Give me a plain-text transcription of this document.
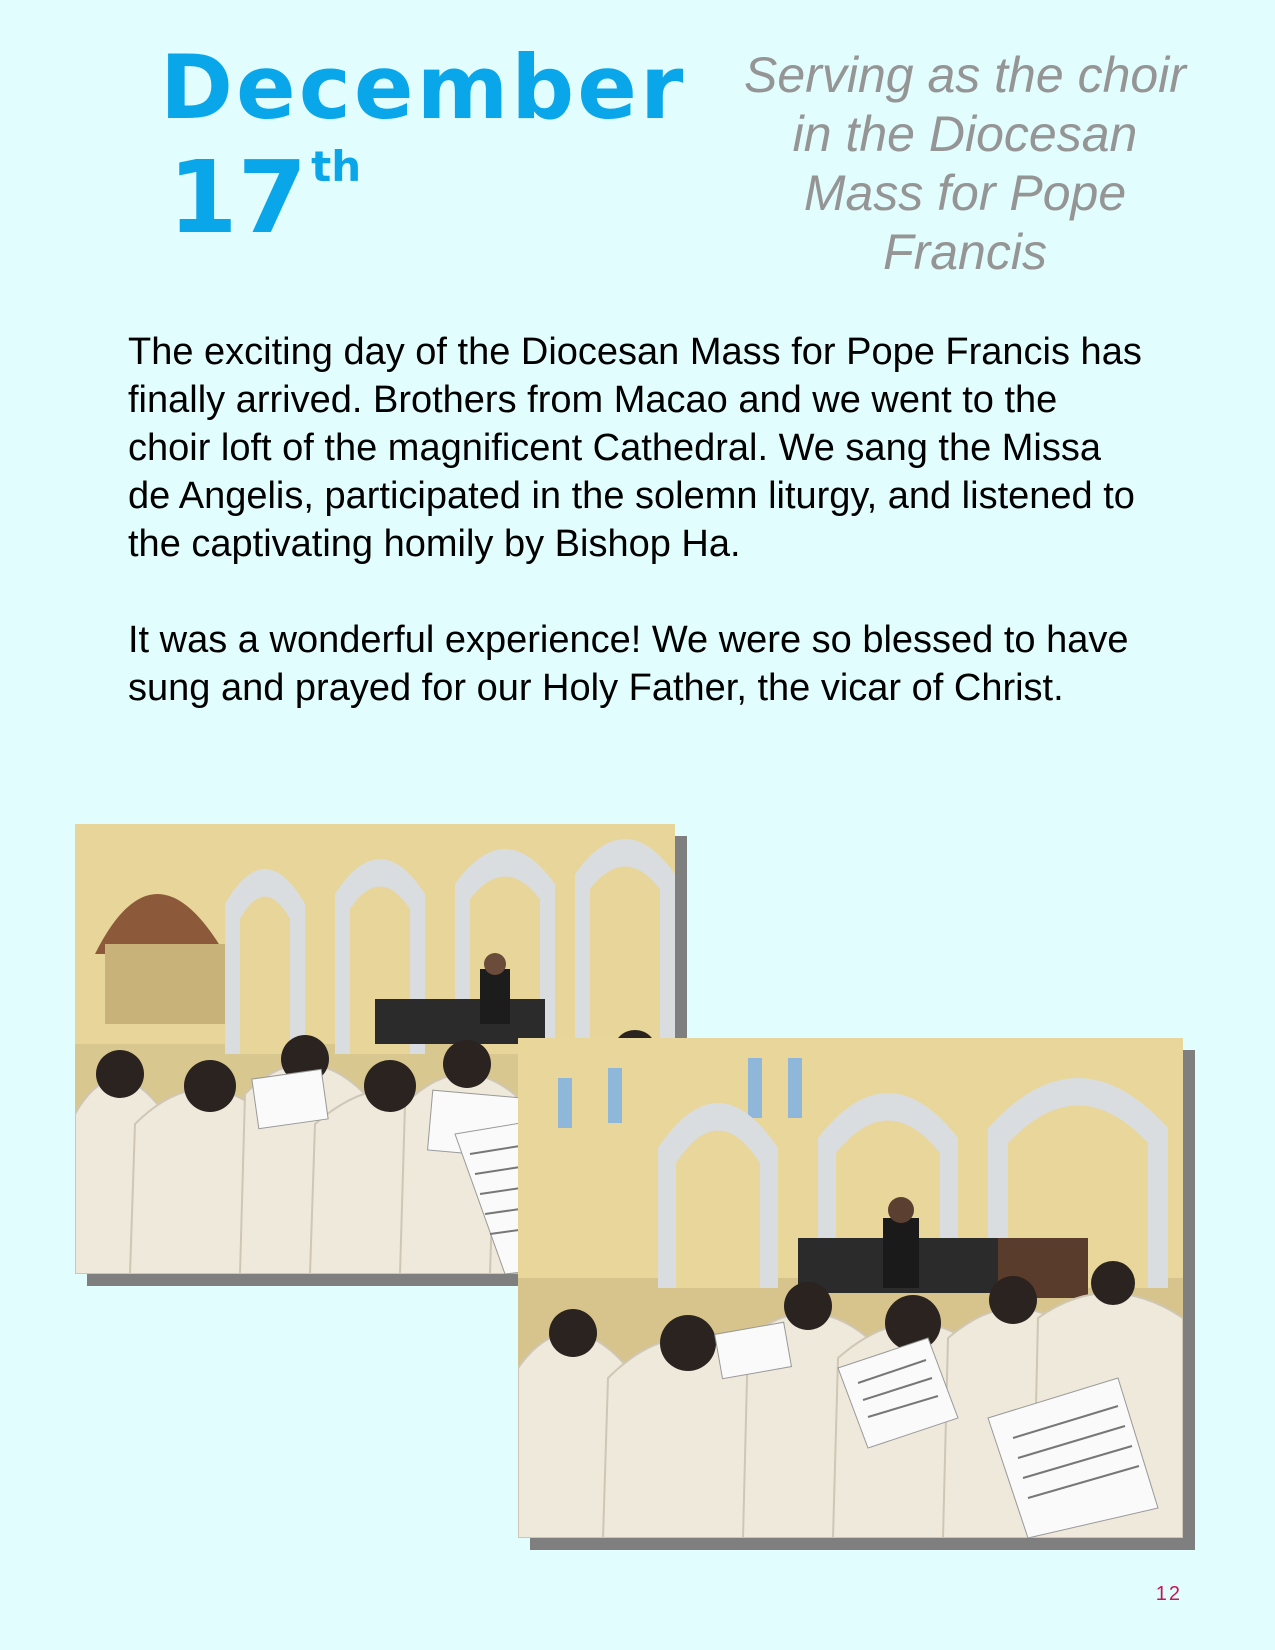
December
17th
Serving as the choir in the Diocesan Mass for Pope Francis

The exciting day of the Diocesan Mass for Pope Francis has finally arrived. Brothers from Macao and we went to the choir loft of the magnificent Cathedral. We sang the Missa de Angelis, participated in the solemn liturgy, and listened to the captivating homily by Bishop Ha.

It was a wonderful experience! We were so blessed to have sung and prayed for our Holy Father, the vicar of Christ.

12
